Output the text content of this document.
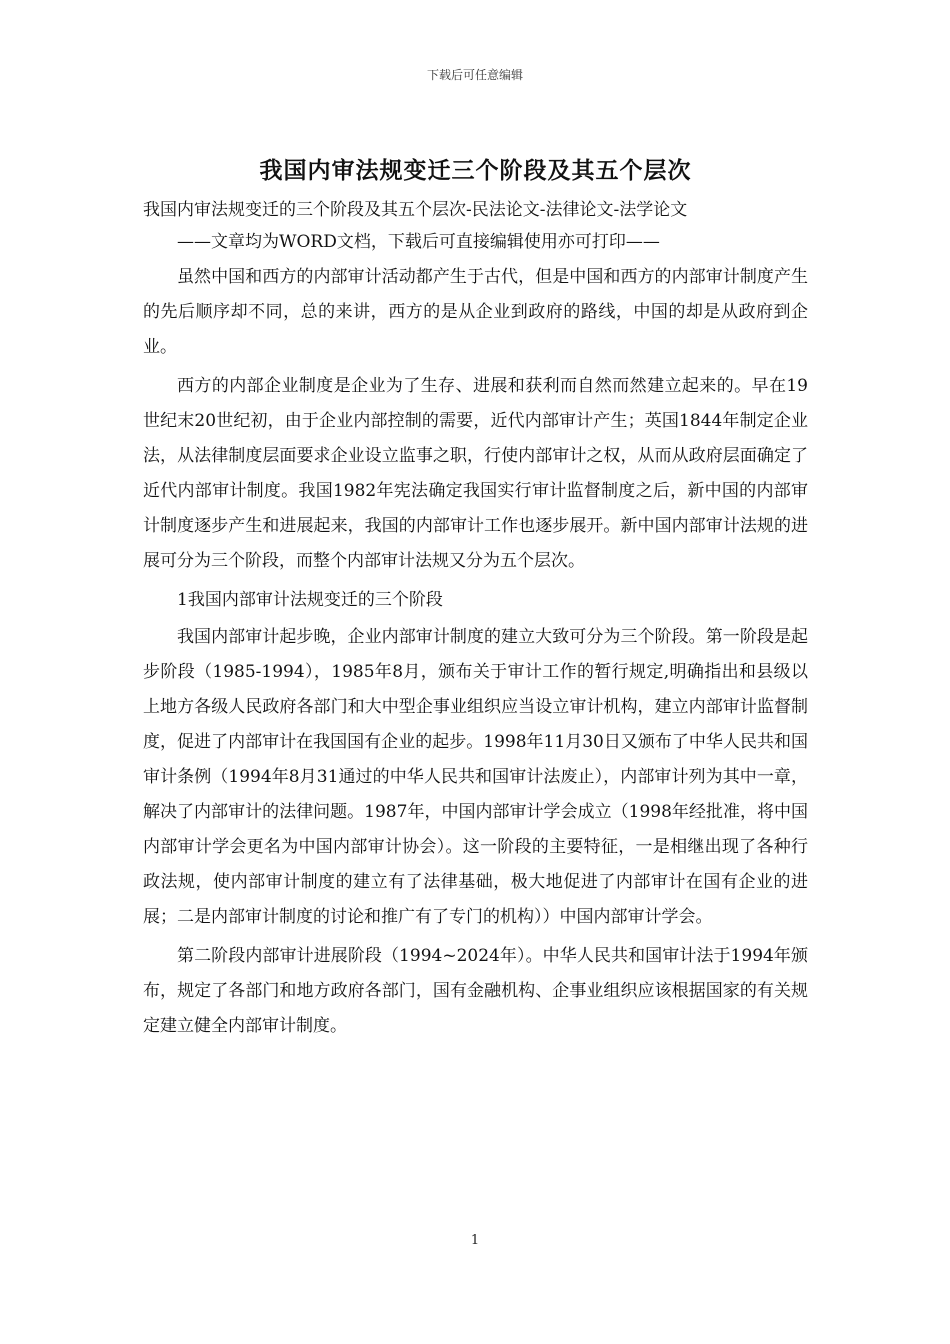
下载后可任意编辑
我国内审法规变迁三个阶段及其五个层次

我国内审法规变迁的三个阶段及其五个层次-民法论文-法律论文-法学论文

——文章均为WORD文档，下载后可直接编辑使用亦可打印——

虽然中国和西方的内部审计活动都产生于古代，但是中国和西方的内部审计制度产生的先后顺序却不同，总的来讲，西方的是从企业到政府的路线，中国的却是从政府到企业。

西方的内部企业制度是企业为了生存、进展和获利而自然而然建立起来的。早在19世纪末20世纪初，由于企业内部控制的需要，近代内部审计产生；英国1844年制定企业法，从法律制度层面要求企业设立监事之职，行使内部审计之权，从而从政府层面确定了近代内部审计制度。我国1982年宪法确定我国实行审计监督制度之后，新中国的内部审计制度逐步产生和进展起来，我国的内部审计工作也逐步展开。新中国内部审计法规的进展可分为三个阶段，而整个内部审计法规又分为五个层次。

1我国内部审计法规变迁的三个阶段

我国内部审计起步晚，企业内部审计制度的建立大致可分为三个阶段。第一阶段是起步阶段（1985-1994），1985年8月，颁布关于审计工作的暂行规定,明确指出和县级以上地方各级人民政府各部门和大中型企事业组织应当设立审计机构，建立内部审计监督制度，促进了内部审计在我国国有企业的起步。1998年11月30日又颁布了中华人民共和国审计条例（1994年8月31通过的中华人民共和国审计法废止），内部审计列为其中一章，解决了内部审计的法律问题。1987年，中国内部审计学会成立（1998年经批准，将中国内部审计学会更名为中国内部审计协会）。这一阶段的主要特征，一是相继出现了各种行政法规，使内部审计制度的建立有了法律基础，极大地促进了内部审计在国有企业的进展；二是内部审计制度的讨论和推广有了专门的机构））中国内部审计学会。

第二阶段内部审计进展阶段（1994~2024年）。中华人民共和国审计法于1994年颁布，规定了各部门和地方政府各部门，国有金融机构、企事业组织应该根据国家的有关规定建立健全内部审计制度。

1
